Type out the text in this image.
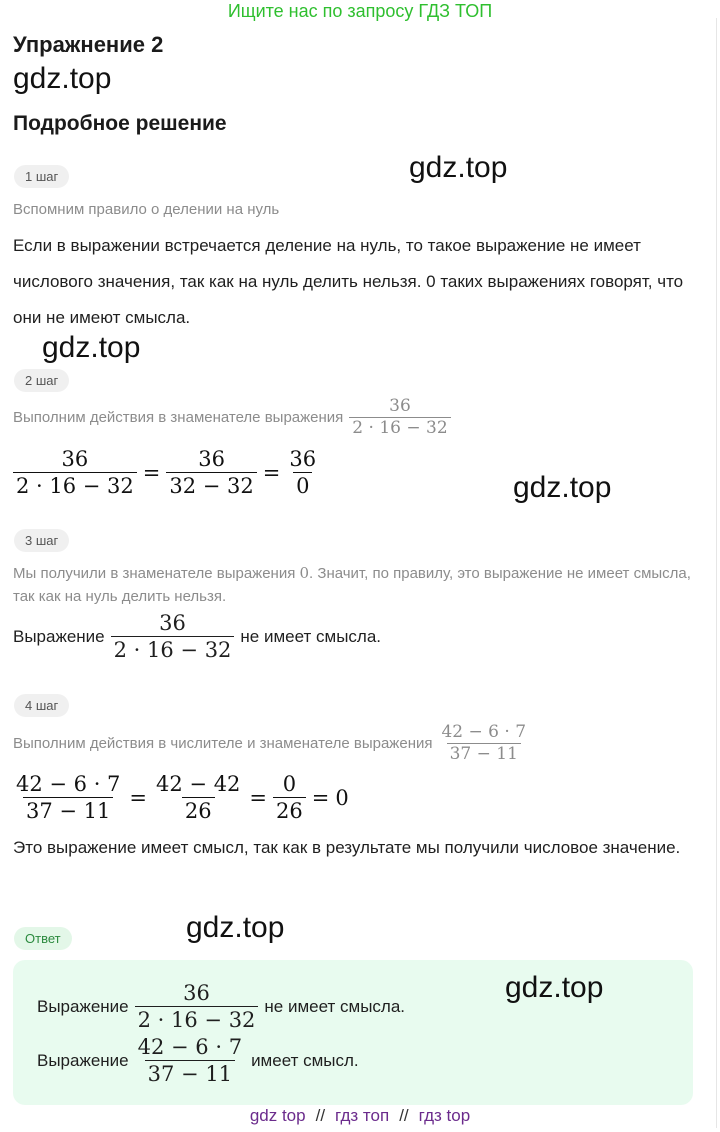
Ищите нас по запросу ГДЗ ТОП
Упражнение 2
gdz.top
Подробное решение
1 шаг	gdz.top
Вспомним правило о делении на нуль
Если в выражении встречается деление на нуль, то такое выражение не имеет числового значения, так как на нуль делить нельзя. 0 таких выражениях говорят, что они не имеют смысла.
gdz.top
2 шаг
Выполним действия в знаменателе выражения $\frac{36}{2 \cdot 16 - 32}$
$\frac{36}{2 \cdot 16 - 32} = \frac{36}{32 - 32} = \frac{36}{0}$	gdz.top
3 шаг
Мы получили в знаменателе выражения 0. Значит, по правилу, это выражение не имеет смысла, так как на нуль делить нельзя.
Выражение $\frac{36}{2 \cdot 16 - 32}$ не имеет смысла.
4 шаг
Выполним действия в числителе и знаменателе выражения $\frac{42 - 6 \cdot 7}{37 - 11}$
$\frac{42 - 6 \cdot 7}{37 - 11} = \frac{42 - 42}{26} = \frac{0}{26} = 0$
Это выражение имеет смысл, так как в результате мы получили числовое значение.
Ответ	gdz.top
Выражение $\frac{36}{2 \cdot 16 - 32}$ не имеет смысла.
gdz.top
Выражение $\frac{42 - 6 \cdot 7}{37 - 11}$ имеет смысл.
gdz top // гдз топ // гдз top
